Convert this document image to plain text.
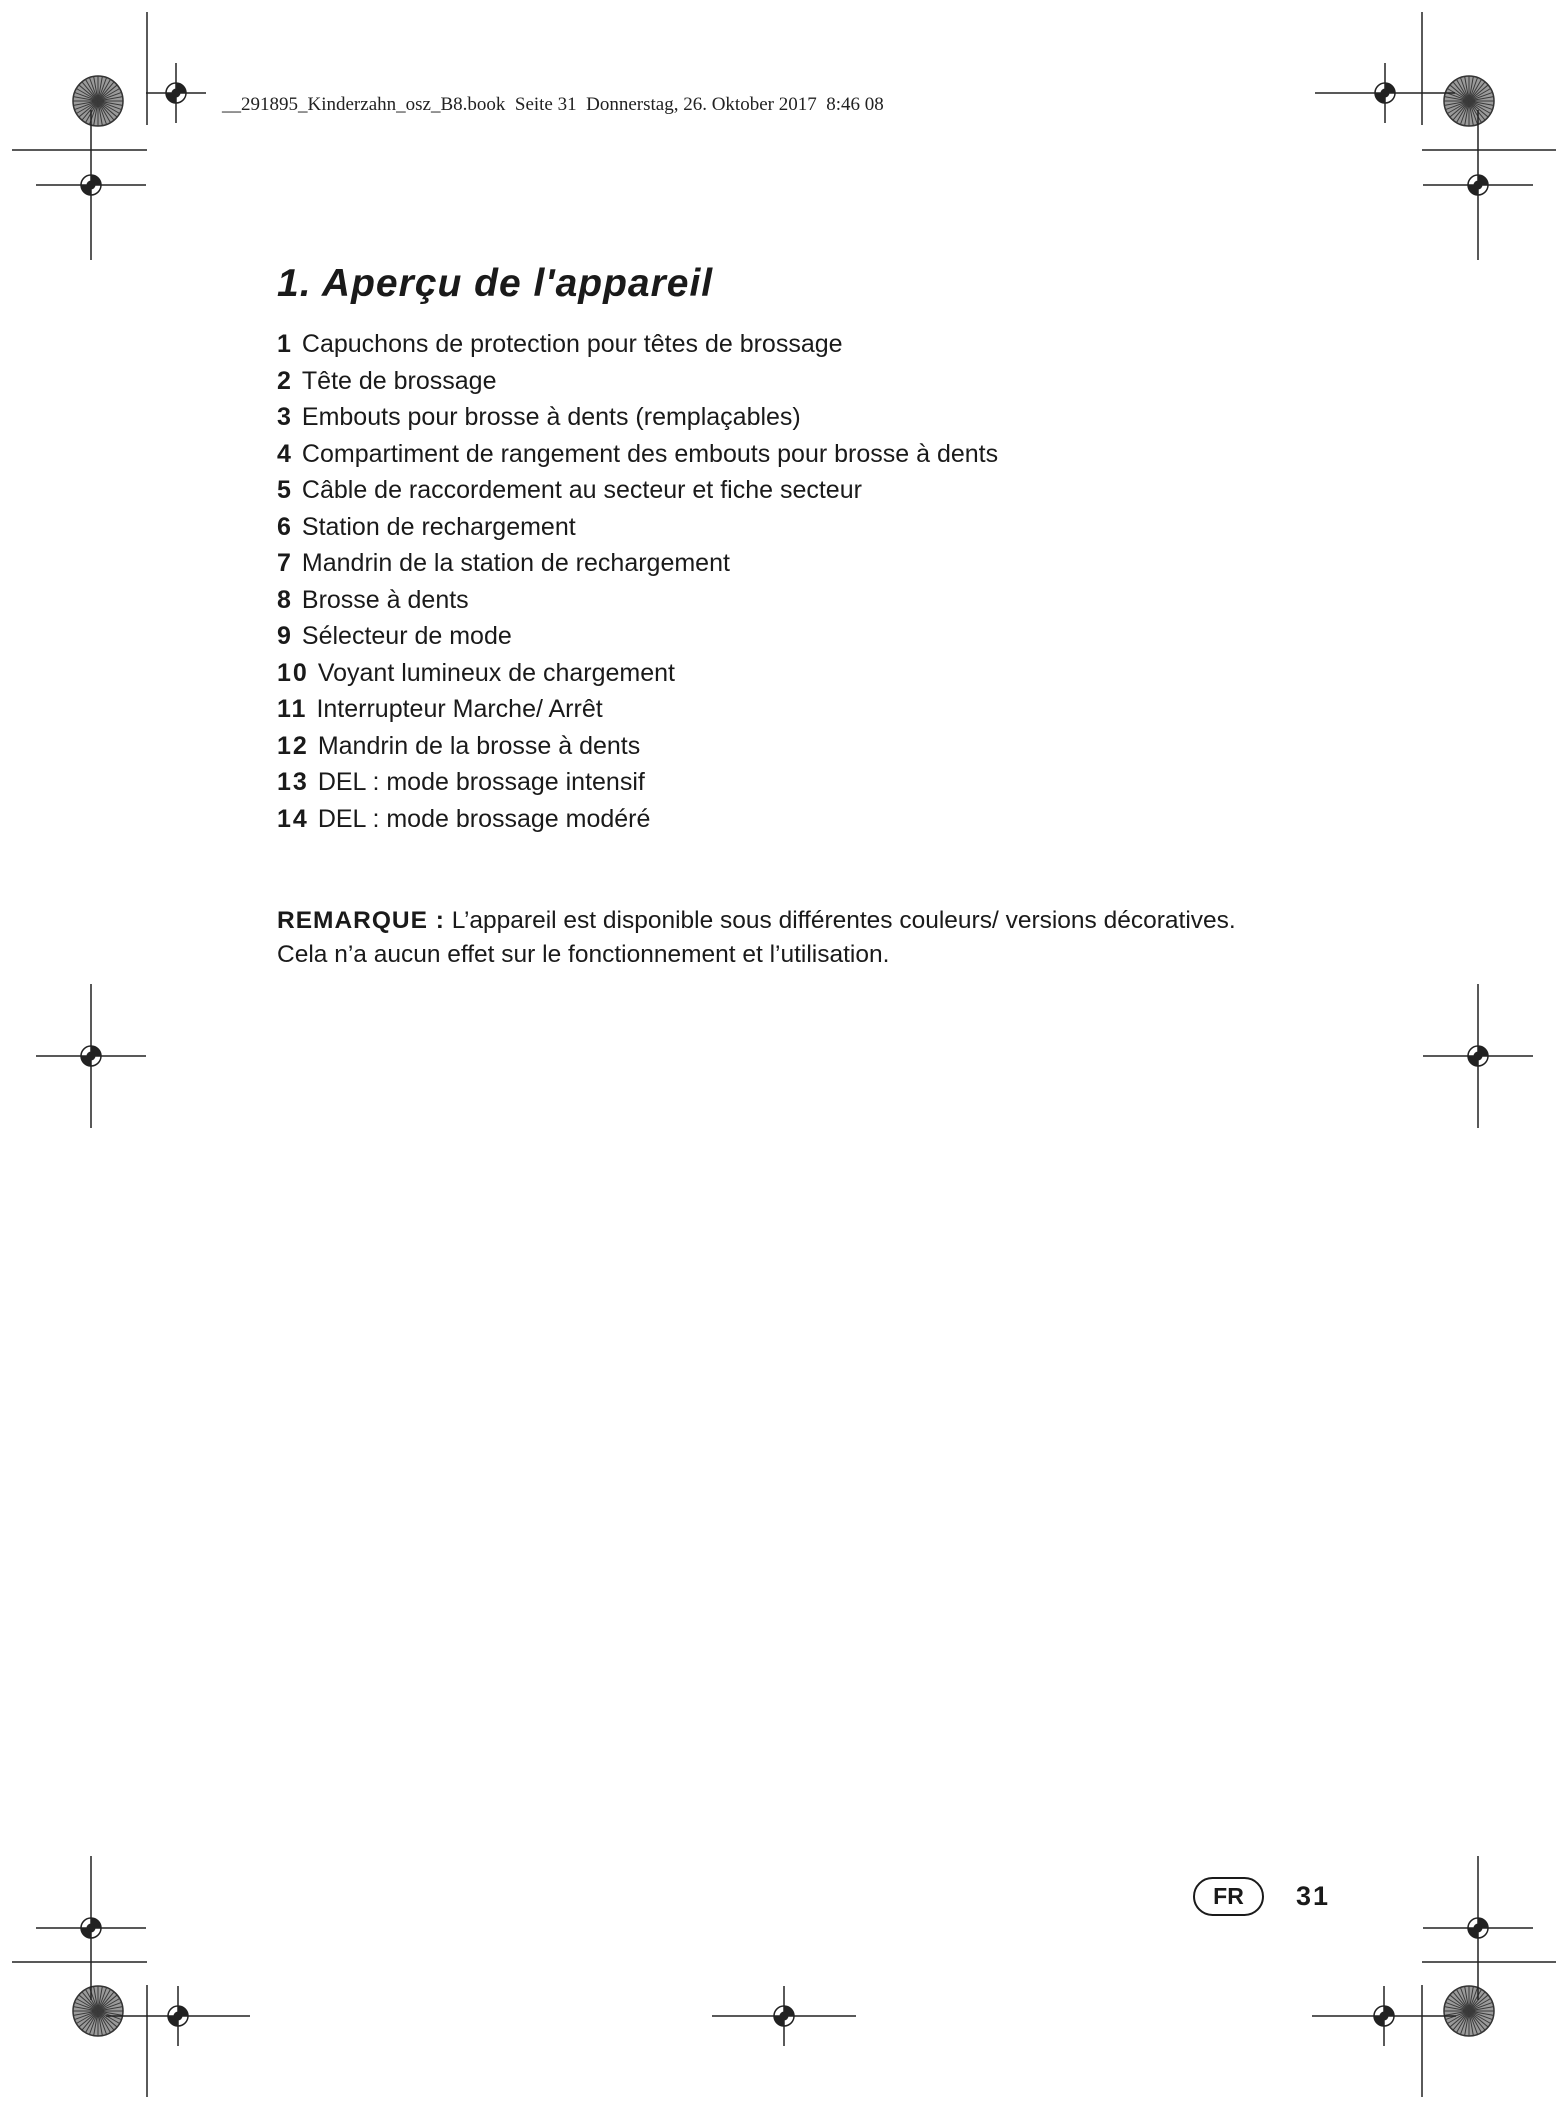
__291895_Kinderzahn_osz_B8.book  Seite 31  Donnerstag, 26. Oktober 2017  8:46 08
1. Aperçu de l'appareil
1 Capuchons de protection pour têtes de brossage
2 Tête de brossage
3 Embouts pour brosse à dents (remplaçables)
4 Compartiment de rangement des embouts pour brosse à dents
5 Câble de raccordement au secteur et fiche secteur
6 Station de rechargement
7 Mandrin de la station de rechargement
8 Brosse à dents
9 Sélecteur de mode
10 Voyant lumineux de chargement
11 Interrupteur Marche/ Arrêt
12 Mandrin de la brosse à dents
13 DEL : mode brossage intensif
14 DEL : mode brossage modéré

REMARQUE : L’appareil est disponible sous différentes couleurs/ versions décoratives.
Cela n’a aucun effet sur le fonctionnement et l’utilisation.

FR	31
